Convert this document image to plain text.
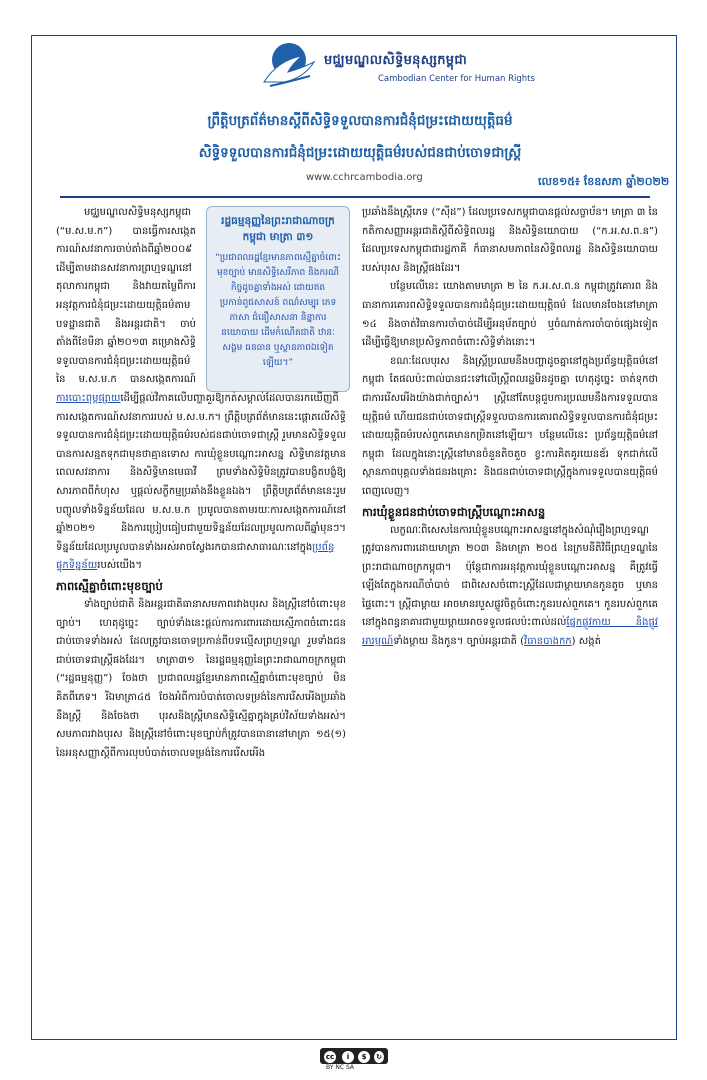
មជ្ឈមណ្ឌលសិទ្ធិមនុស្សកម្ពុជា
Cambodian Center for Human Rights
ព្រឹត្តិបត្រព័ត៌មានស្ដីពីសិទ្ធិទទួលបានការជំនុំជម្រះដោយយុត្តិធម៌
សិទ្ធិទទួលបានការជំនុំជម្រះដោយយុត្តិធម៌របស់ជនជាប់ចោទជាស្ត្រី
www.cchrcambodia.org	លេខ១៥៖ ខែឧសភា ឆ្នាំ២០២២
រដ្ឋធម្មនុញ្ញនៃព្រះរាជាណាចក្រកម្ពុជា មាត្រា ៣១
“ប្រជាពលរដ្ឋខ្មែរមានភាពស្មើគ្នាចំពោះមុខច្បាប់ មានសិទ្ធិសេរីភាព និងករណីកិច្ចដូចគ្នាទាំងអស់ ដោយឥតប្រកាន់ពូជសាសន៍ ពណ៌សម្បុរ ភេទ ភាសា ជំនឿសាសនា និន្នាការនយោបាយ ដើមកំណើតជាតិ ឋានៈសង្គម ធនធាន ឬស្ថានភាពឯទៀតឡើយ។”

មជ្ឈមណ្ឌលសិទ្ធិមនុស្សកម្ពុជា (“ម.ស.ម.ក”) បានធ្វើការសង្កេតការណ៍សវនាការចាប់តាំងពីឆ្នាំ២០០៩ ដើម្បីតាមដានសវនាការព្រហ្មទណ្ឌនៅតុលាការកម្ពុជា និងវាយតម្លៃពីការអនុវត្តការជំនុំជម្រះដោយយុត្តិធម៌តាមបទដ្ឋានជាតិ និងអន្តរជាតិ។ ចាប់តាំងពីខែមីនា ឆ្នាំ២០១៣ គម្រោងសិទ្ធិទទួលបានការជំនុំជម្រះដោយយុត្តិធម៌នៃ ម.ស.ម.ក បានសង្កេតការណ៍

ការបោះពុម្ពផ្សាយដើម្បីផ្តល់វិភាគលើបញ្ហាគួរឱ្យកត់សម្គាល់ដែលបានរកឃើញពីការសង្កេតការណ៍សវនាការរបស់ ម.ស.ម.ក។ ព្រឹត្តិបត្រព័ត៌មាននេះផ្តោតលើសិទ្ធិទទួលបានការជំនុំជម្រះដោយយុត្តិធម៌របស់ជនជាប់ចោទជាស្ត្រី រួមមានសិទ្ធិទទួលបានការសន្មតទុកជាមុនថាគ្មានទោស ការឃុំខ្លួនបណ្តោះអាសន្ន សិទ្ធិមានវត្តមានពេលសវនាការ និងសិទ្ធិមានមេធាវី ព្រមទាំងសិទ្ធិមិនត្រូវបានបង្ខិតបង្ខំឱ្យសារភាពពីកំហុស ឬផ្តល់សក្ខីកម្មប្រឆាំងនឹងខ្លួនឯង។ ព្រឹត្តិបត្រព័ត៌មាននេះរួមបញ្ចូលទាំងទិន្នន័យដែល ម.ស.ម.ក ប្រមូលបានតាមរយៈការសង្កេតការណ៍នៅឆ្នាំ២០២១ និងការប្រៀបធៀបជាមួយទិន្នន័យដែលប្រមូលកាលពីឆ្នាំមុនៗ។ ទិន្នន័យដែលប្រមូលបានទាំងអស់អាចស្វែងរកបានជាសាធារណៈនៅក្នុងប្រព័ន្ធផ្ទុកទិន្នន័យរបស់យើង។

ភាពស្មើគ្នាចំពោះមុខច្បាប់

ទាំងច្បាប់ជាតិ និងអន្តរជាតិធានាសមភាពរវាងបុរស និងស្ត្រីនៅចំពោះមុខច្បាប់។ ហេតុដូច្នេះ ច្បាប់ទាំងនេះផ្តល់ការការពារដោយស្មើភាពចំពោះជនជាប់ចោទទាំងអស់ ដែលត្រូវបានចោទប្រកាន់ពីបទល្មើសព្រហ្មទណ្ឌ រួមទាំងជនជាប់ចោទជាស្ត្រីផងដែរ។ មាត្រា៣១ នៃរដ្ឋធម្មនុញ្ញនៃព្រះរាជាណាចក្រកម្ពុជា (“រដ្ឋធម្មនុញ្ញ”) ចែងថា ប្រជាពលរដ្ឋខ្មែរមានភាពស្មើគ្នាចំពោះមុខច្បាប់ មិនគិតពីភេទ។ រីឯមាត្រា៤៥ ចែងអំពីការបំបាត់ចោលទម្រង់នៃការរើសអើងប្រឆាំងនឹងស្ត្រី និងចែងថា បុរសនិងស្ត្រីមានសិទ្ធិស្មើគ្នាក្នុងគ្រប់វិស័យទាំងអស់។ សមភាពរវាងបុរស និងស្ត្រីនៅចំពោះមុខច្បាប់ក៏ត្រូវបានធានានៅមាត្រា ១៥(១) នៃអនុសញ្ញាស្តីពីការលុបបំបាត់ចោលទម្រង់នៃការរើសអើង

ប្រឆាំងនឹងស្ត្រីភេទ (“ស៊ីដ”) ដែលប្រទេសកម្ពុជាបានផ្តល់សច្ចាប័ន។ មាត្រា ៣ នៃកតិកាសញ្ញាអន្តរជាតិស្តីពីសិទ្ធិពលរដ្ឋ និងសិទ្ធិនយោបាយ (“ក.អ.ស.ព.ន”) ដែលប្រទេសកម្ពុជាជារដ្ឋភាគី ក៏ធានាសមភាពនៃសិទ្ធិពលរដ្ឋ និងសិទ្ធិនយោបាយរបស់បុរស និងស្ត្រីផងដែរ។

បន្ថែមលើនេះ យោងតាមមាត្រា ២ នៃ ក.អ.ស.ព.ន កម្ពុជាត្រូវគោរព និងធានាការគោរពសិទ្ធិទទួលបានការជំនុំជម្រះដោយយុត្តិធម៌ ដែលមានចែងនៅមាត្រា ១៤ និងចាត់វិធានការចាំបាច់ដើម្បីអនុម័តច្បាប់ ឬចំណាត់ការចាំបាច់ផ្សេងទៀតដើម្បីធ្វើឱ្យមានប្រសិទ្ធភាពចំពោះសិទ្ធិទាំងនោះ។

ខណៈដែលបុរស និងស្ត្រីប្រឈមនឹងបញ្ហាដូចគ្នានៅក្នុងប្រព័ន្ធយុត្តិធម៌នៅកម្ពុជា តែផលប៉ះពាល់បានជះទៅលើស្ត្រីពលរដ្ឋមិនដូចគ្នា ហេតុដូច្នេះ ចាត់ទុកថាជាការរើសអើងយ៉ាងជាក់ច្បាស់។ ស្ត្រីនៅតែបន្តជួបការប្រឈមនឹងការទទួលបានយុត្តិធម៌ ហើយជនជាប់ចោទជាស្ត្រីទទួលបានការគោរពសិទ្ធិទទួលបានការជំនុំជម្រះដោយយុត្តិធម៌របស់ពួកគេមានកម្រិតនៅឡើយ។ បន្ថែមលើនេះ ប្រព័ន្ធយុត្តិធម៌នៅកម្ពុជា ដែលក្នុងនោះស្ត្រីនៅមានចំនួនតិចតួច ខ្វះការគិតគូរយេនឌ័រ ទុកជាក់លើស្ថានភាពបុគ្គលទាំងជនរងគ្រោះ និងជនជាប់ចោទជាស្ត្រីក្នុងការទទួលបានយុត្តិធម៌ពេញលេញ។

ការឃុំខ្លួនជនជាប់ចោទជាស្ត្រីបណ្តោះអាសន្ន

លក្ខណៈពិសេសនៃការឃុំខ្លួនបណ្តោះអាសន្ននៅក្នុងសំណុំរឿងព្រហ្មទណ្ឌ ត្រូវបានការពារដោយមាត្រា ២០៣ និងមាត្រា ២០៥ នៃក្រមនីតិវិធីព្រហ្មទណ្ឌនៃព្រះរាជាណាចក្រកម្ពុជា។ ប៉ុន្តែជាការអនុវត្តការឃុំខ្លួនបណ្តោះអាសន្ន គឺត្រូវធ្វើឡើងតែក្នុងករណីចាំបាច់ ជាពិសេសចំពោះស្ត្រីដែលជាម្តាយមានកូនតូច ឬមានផ្ទៃពោះ។ ស្ត្រីជាម្តាយ អាចមានរបួសផ្លូវចិត្តចំពោះកូនរបស់ពួកគេ។ កូនរបស់ពួកគេនៅក្នុងពន្ធនាគារជាមួយម្តាយអាចទទួលផលប៉ះពាល់ដល់ផ្នែកផ្លូវកាយ និងផ្លូវអារម្មណ៍ទាំងម្តាយ និងកូន។ ច្បាប់អន្តរជាតិ (វិធានបាងកក) សង្កត់

cc	i	$	↻
BY NC SA
